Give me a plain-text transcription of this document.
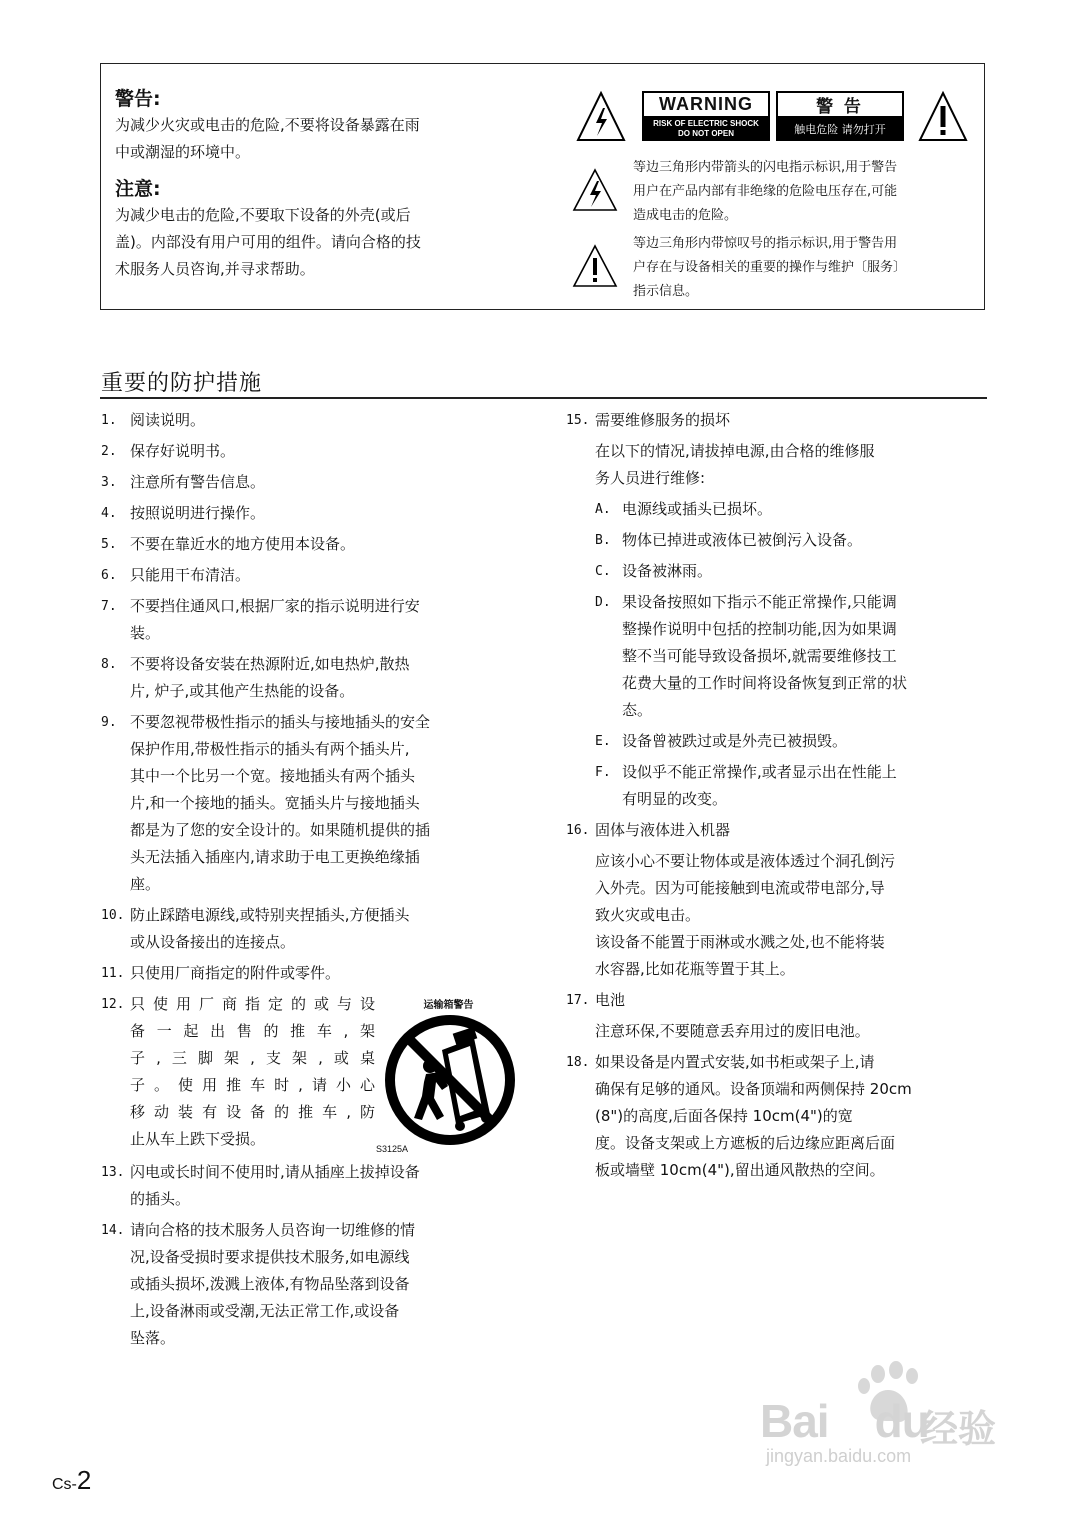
警告:

为减少火灾或电击的危险,不要将设备暴露在雨

中或潮湿的环境中。

注意:

为减少电击的危险,不要取下设备的外壳(或后

盖)。内部没有用户可用的组件。请向合格的技

术服务人员咨询,并寻求帮助。

WARNING
RISK OF ELECTRIC SHOCK
DO NOT OPEN
警 告
触电危险 请勿打开
等边三角形内带箭头的闪电指示标识,用于警告
用户在产品内部有非绝缘的危险电压存在,可能
造成电击的危险。
等边三角形内带惊叹号的指示标识,用于警告用
户存在与设备相关的重要的操作与维护〔服务〕
指示信息。
重要的防护措施
1. 阅读说明。

2. 保存好说明书。

3. 注意所有警告信息。

4. 按照说明进行操作。

5. 不要在靠近水的地方使用本设备。

6. 只能用干布清洁。

7. 不要挡住通风口,根据厂家的指示说明进行安

装。

8. 不要将设备安装在热源附近,如电热炉,散热

片, 炉子,或其他产生热能的设备。

9. 不要忽视带极性指示的插头与接地插头的安全

保护作用,带极性指示的插头有两个插头片,

其中一个比另一个宽。接地插头有两个插头

片,和一个接地的插头。宽插头片与接地插头

都是为了您的安全设计的。如果随机提供的插

头无法插入插座内,请求助于电工更换绝缘插

座。

10. 防止踩踏电源线,或特别夹捏插头,方便插头

或从设备接出的连接点。

11. 只使用厂商指定的附件或零件。

12. 只使用厂商指定的或与设

备一起出售的推车,架

子,三脚架,支架,或桌

子。使用推车时,请小心

移动装有设备的推车,防

止从车上跌下受损。

13. 闪电或长时间不使用时,请从插座上拔掉设备

的插头。

14. 请向合格的技术服务人员咨询一切维修的情

况,设备受损时要求提供技术服务,如电源线

或插头损坏,泼溅上液体,有物品坠落到设备

上,设备淋雨或受潮,无法正常工作,或设备

坠落。

运输箱警告
S3125A
15. 需要维修服务的损坏

在以下的情况,请拔掉电源,由合格的维修服

务人员进行维修:

A. 电源线或插头已损坏。

B. 物体已掉进或液体已被倒污入设备。

C. 设备被淋雨。

D. 果设备按照如下指示不能正常操作,只能调

整操作说明中包括的控制功能,因为如果调

整不当可能导致设备损坏,就需要维修技工

花费大量的工作时间将设备恢复到正常的状

态。

E. 设备曾被跌过或是外壳已被损毁。

F. 设似乎不能正常操作,或者显示出在性能上

有明显的改变。

16. 固体与液体进入机器

应该小心不要让物体或是液体透过个洞孔倒污

入外壳。因为可能接触到电流或带电部分,导

致火灾或电击。

该设备不能置于雨淋或水溅之处,也不能将装

水容器,比如花瓶等置于其上。

17. 电池

注意环保,不要随意丢弃用过的废旧电池。

18. 如果设备是内置式安装,如书柜或架子上,请

确保有足够的通风。设备顶端和两侧保持 20cm

(8")的高度,后面各保持 10cm(4")的宽

度。设备支架或上方遮板的后边缘应距离后面

板或墙壁 10cm(4"),留出通风散热的空间。

Cs-2
Bai du
经验
jingyan.baidu.com
